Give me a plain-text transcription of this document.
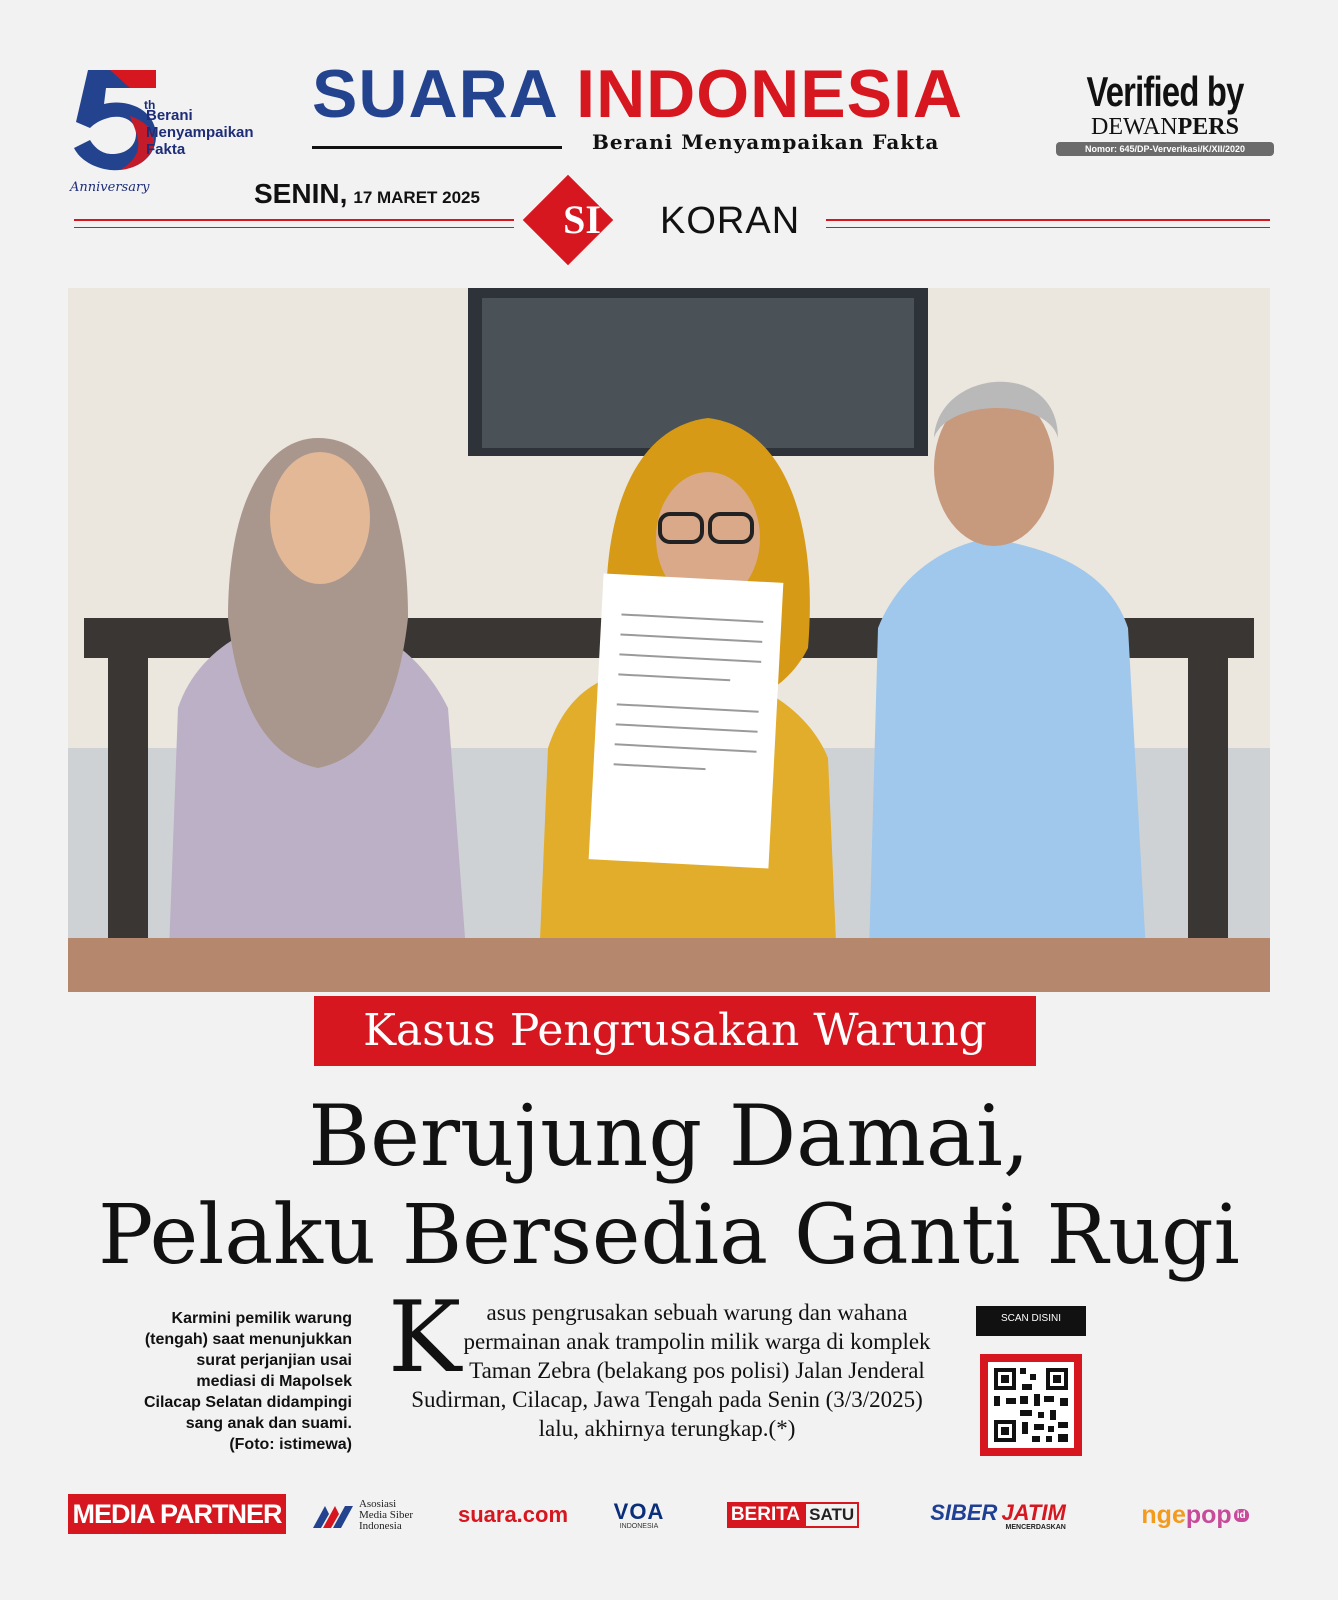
th
Berani
Menyampaikan
Fakta
Anniversary
SUARA INDONESIA
Berani Menyampaikan Fakta
Verified by
DEWANPERS
Nomor: 645/DP-Ververikasi/K/XII/2020
SENIN, 17 MARET 2025	SI	KORAN
Kasus Pengrusakan Warung
Berujung Damai,
Pelaku Bersedia Ganti Rugi
Karmini pemilik warung (tengah) saat menunjukkan surat perjanjian usai mediasi di Mapolsek Cilacap Selatan didampingi sang anak dan suami. (Foto: istimewa)
K	asus pengrusakan sebuah warung dan wahana permainan anak trampolin milik warga di komplek Taman Zebra (belakang pos polisi) Jalan Jenderal Sudirman, Cilacap, Jawa Tengah pada Senin (3/3/2025) lalu, akhirnya terungkap.(*)
SCAN DISINI
MEDIA PARTNER	Asosiasi
Media Siber
Indonesia	suara.com	VOA
INDONESIA
BERITA SATU	SIBER JATIM
MENCERDASKAN	nge pop id
